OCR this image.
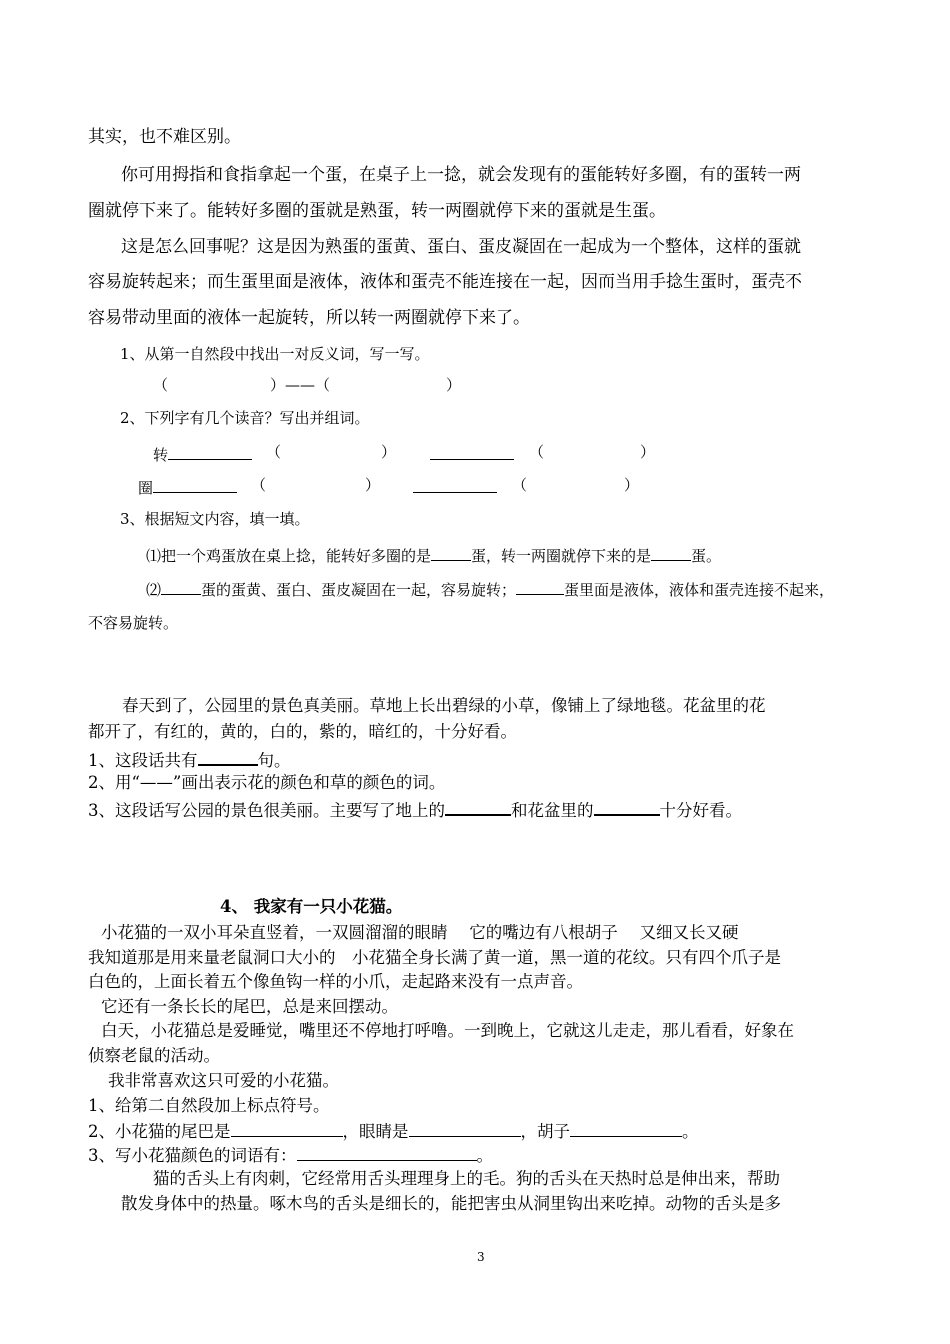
其实，也不难区别。
你可用拇指和食指拿起一个蛋，在桌子上一捻，就会发现有的蛋能转好多圈，有的蛋转一两
圈就停下来了。能转好多圈的蛋就是熟蛋，转一两圈就停下来的蛋就是生蛋。
这是怎么回事呢？这是因为熟蛋的蛋黄、蛋白、蛋皮凝固在一起成为一个整体，这样的蛋就
容易旋转起来；而生蛋里面是液体，液体和蛋壳不能连接在一起，因而当用手捻生蛋时，蛋壳不
容易带动里面的液体一起旋转，所以转一两圈就停下来了。
1、从第一自然段中找出一对反义词，写一写。
（	）——（	）
2、下列字有几个读音？写出并组词。
转	（	）	（	）
圈	（	）	（	）
3、根据短文内容，填一填。
⑴把一个鸡蛋放在桌上捻，能转好多圈的是	蛋，转一两圈就停下来的是	蛋。
⑵	蛋的蛋黄、蛋白、蛋皮凝固在一起，容易旋转；	蛋里面是液体，液体和蛋壳连接不起来，
不容易旋转。
春天到了，公园里的景色真美丽。草地上长出碧绿的小草，像铺上了绿地毯。花盆里的花
都开了，有红的，黄的，白的，紫的，暗红的，十分好看。
1、这段话共有	句。
2、用“——”画出表示花的颜色和草的颜色的词。
3、这段话写公园的景色很美丽。主要写了地上的	和花盆里的	十分好看。
4、 我家有一只小花猫。
小花猫的一双小耳朵直竖着，一双圆溜溜的眼睛　 它的嘴边有八根胡子　 又细又长又硬
我知道那是用来量老鼠洞口大小的　小花猫全身长满了黄一道，黑一道的花纹。只有四个爪子是
白色的，上面长着五个像鱼钩一样的小爪，走起路来没有一点声音。
它还有一条长长的尾巴，总是来回摆动。
白天，小花猫总是爱睡觉，嘴里还不停地打呼噜。一到晚上，它就这儿走走，那儿看看，好象在
侦察老鼠的活动。
我非常喜欢这只可爱的小花猫。
1、给第二自然段加上标点符号。
2、小花猫的尾巴是	，眼睛是	，胡子	。
3、写小花猫颜色的词语有：	。
猫的舌头上有肉刺，它经常用舌头理理身上的毛。狗的舌头在天热时总是伸出来，帮助
散发身体中的热量。啄木鸟的舌头是细长的，能把害虫从洞里钩出来吃掉。动物的舌头是多
3
